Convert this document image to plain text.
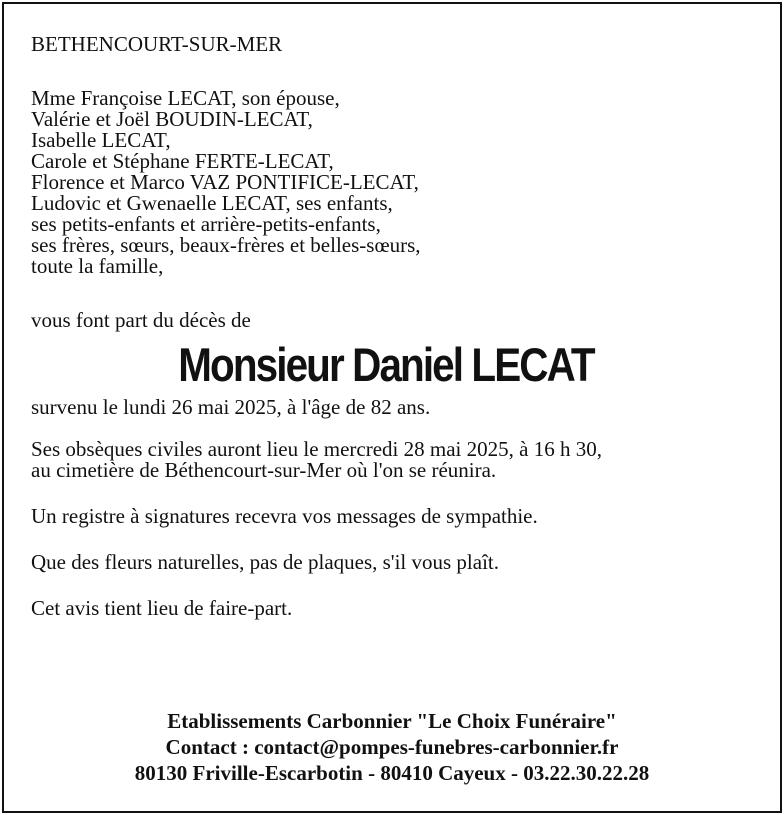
BETHENCOURT-SUR-MER
Mme Françoise LECAT, son épouse,
Valérie et Joël BOUDIN-LECAT,
Isabelle LECAT,
Carole et Stéphane FERTE-LECAT,
Florence et Marco VAZ PONTIFICE-LECAT,
Ludovic et Gwenaelle LECAT, ses enfants,
ses petits-enfants et arrière-petits-enfants,
ses frères, sœurs, beaux-frères et belles-sœurs,
toute la famille,
vous font part du décès de
Monsieur Daniel LECAT
survenu le lundi 26 mai 2025, à l'âge de 82 ans.
Ses obsèques civiles auront lieu le mercredi 28 mai 2025, à 16 h 30,
au cimetière de Béthencourt-sur-Mer où l'on se réunira.
Un registre à signatures recevra vos messages de sympathie.
Que des fleurs naturelles, pas de plaques, s'il vous plaît.
Cet avis tient lieu de faire-part.
Etablissements Carbonnier "Le Choix Funéraire"
Contact : contact@pompes-funebres-carbonnier.fr
80130 Friville-Escarbotin - 80410 Cayeux - 03.22.30.22.28
